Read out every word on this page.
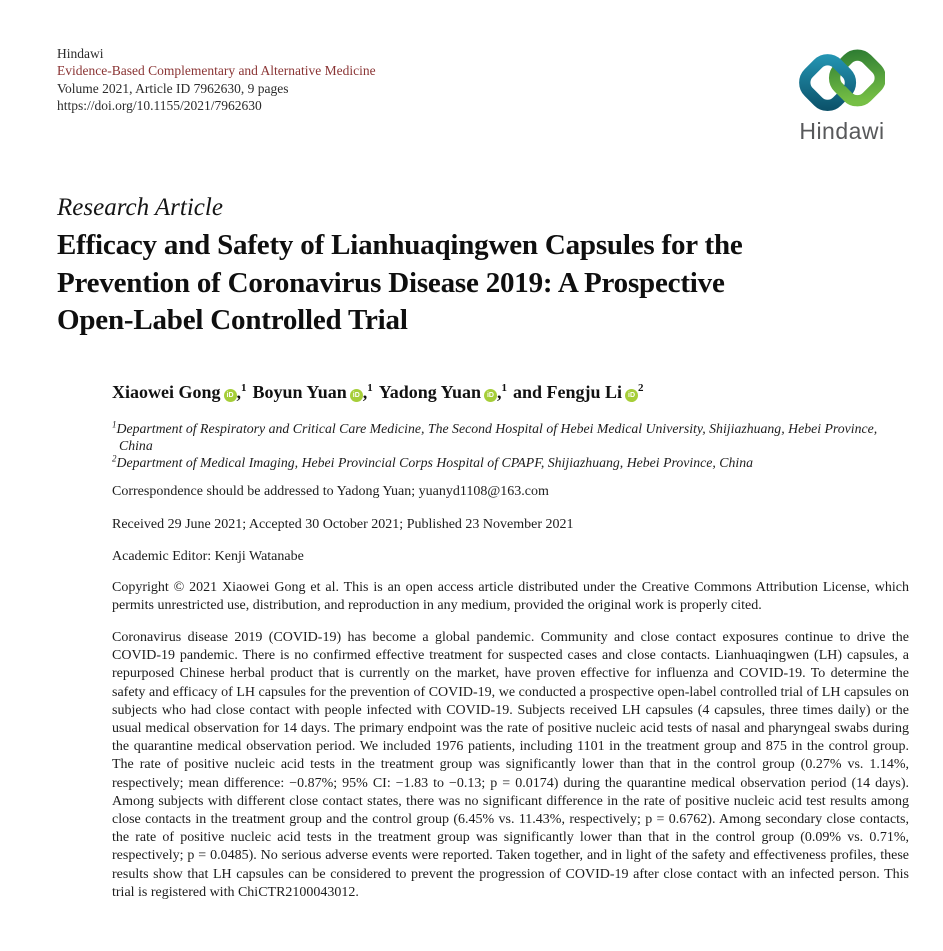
Hindawi
Evidence-Based Complementary and Alternative Medicine
Volume 2021, Article ID 7962630, 9 pages
https://doi.org/10.1155/2021/7962630
Hindawi
Research Article
Efficacy and Safety of Lianhuaqingwen Capsules for the
Prevention of Coronavirus Disease 2019: A Prospective
Open-Label Controlled Trial
Xiaowei Gong iD ,$^1$ Boyun Yuan iD ,$^1$ Yadong Yuan iD ,$^1$ and Fengju Li $iD^2$
$^1$Department of Respiratory and Critical Care Medicine, The Second Hospital of Hebei Medical University, Shijiazhuang, Hebei Province, China
$^2$Department of Medical Imaging, Hebei Provincial Corps Hospital of CPAPF, Shijiazhuang, Hebei Province, China
Correspondence should be addressed to Yadong Yuan; yuanyd1108@163.com
Received 29 June 2021; Accepted 30 October 2021; Published 23 November 2021
Academic Editor: Kenji Watanabe
Copyright © 2021 Xiaowei Gong et al. This is an open access article distributed under the Creative Commons Attribution License, which permits unrestricted use, distribution, and reproduction in any medium, provided the original work is properly cited.
Coronavirus disease 2019 (COVID-19) has become a global pandemic. Community and close contact exposures continue to drive the COVID-19 pandemic. There is no confirmed effective treatment for suspected cases and close contacts. Lianhuaqingwen (LH) capsules, a repurposed Chinese herbal product that is currently on the market, have proven effective for influenza and COVID-19. To determine the safety and efficacy of LH capsules for the prevention of COVID-19, we conducted a prospective open-label controlled trial of LH capsules on subjects who had close contact with people infected with COVID-19. Subjects received LH capsules (4 capsules, three times daily) or the usual medical observation for 14 days. The primary endpoint was the rate of positive nucleic acid tests of nasal and pharyngeal swabs during the quarantine medical observation period. We included 1976 patients, including 1101 in the treatment group and 875 in the control group. The rate of positive nucleic acid tests in the treatment group was significantly lower than that in the control group (0.27% vs. 1.14%, respectively; mean difference: −0.87%; 95% CI: −1.83 to −0.13; p = 0.0174) during the quarantine medical observation period (14 days). Among subjects with different close contact states, there was no significant difference in the rate of positive nucleic acid test results among close contacts in the treatment group and the control group (6.45% vs. 11.43%, respectively; p = 0.6762). Among secondary close contacts, the rate of positive nucleic acid tests in the treatment group was significantly lower than that in the control group (0.09% vs. 0.71%, respectively; p = 0.0485). No serious adverse events were reported. Taken together, and in light of the safety and effectiveness profiles, these results show that LH capsules can be considered to prevent the progression of COVID-19 after close contact with an infected person. This trial is registered with ChiCTR2100043012.
